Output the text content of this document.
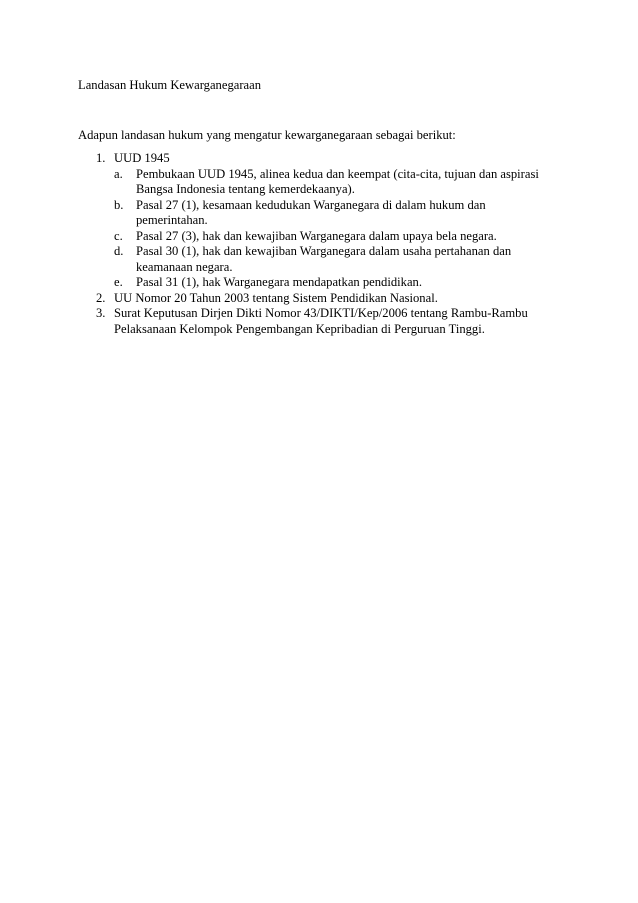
Landasan Hukum Kewarganegaraan
Adapun landasan hukum yang mengatur kewarganegaraan sebagai berikut:
1. UUD 1945
a. Pembukaan UUD 1945, alinea kedua dan keempat (cita-cita, tujuan dan aspirasi Bangsa Indonesia tentang kemerdekaanya).
b. Pasal 27 (1), kesamaan kedudukan Warganegara di dalam hukum dan pemerintahan.
c. Pasal 27 (3), hak dan kewajiban Warganegara dalam upaya bela negara.
d. Pasal 30 (1), hak dan kewajiban Warganegara dalam usaha pertahanan dan keamanaan negara.
e. Pasal 31 (1), hak Warganegara mendapatkan pendidikan.
2. UU Nomor 20 Tahun 2003 tentang Sistem Pendidikan Nasional.
3. Surat Keputusan Dirjen Dikti Nomor 43/DIKTI/Kep/2006 tentang Rambu-Rambu Pelaksanaan Kelompok Pengembangan Kepribadian di Perguruan Tinggi.
